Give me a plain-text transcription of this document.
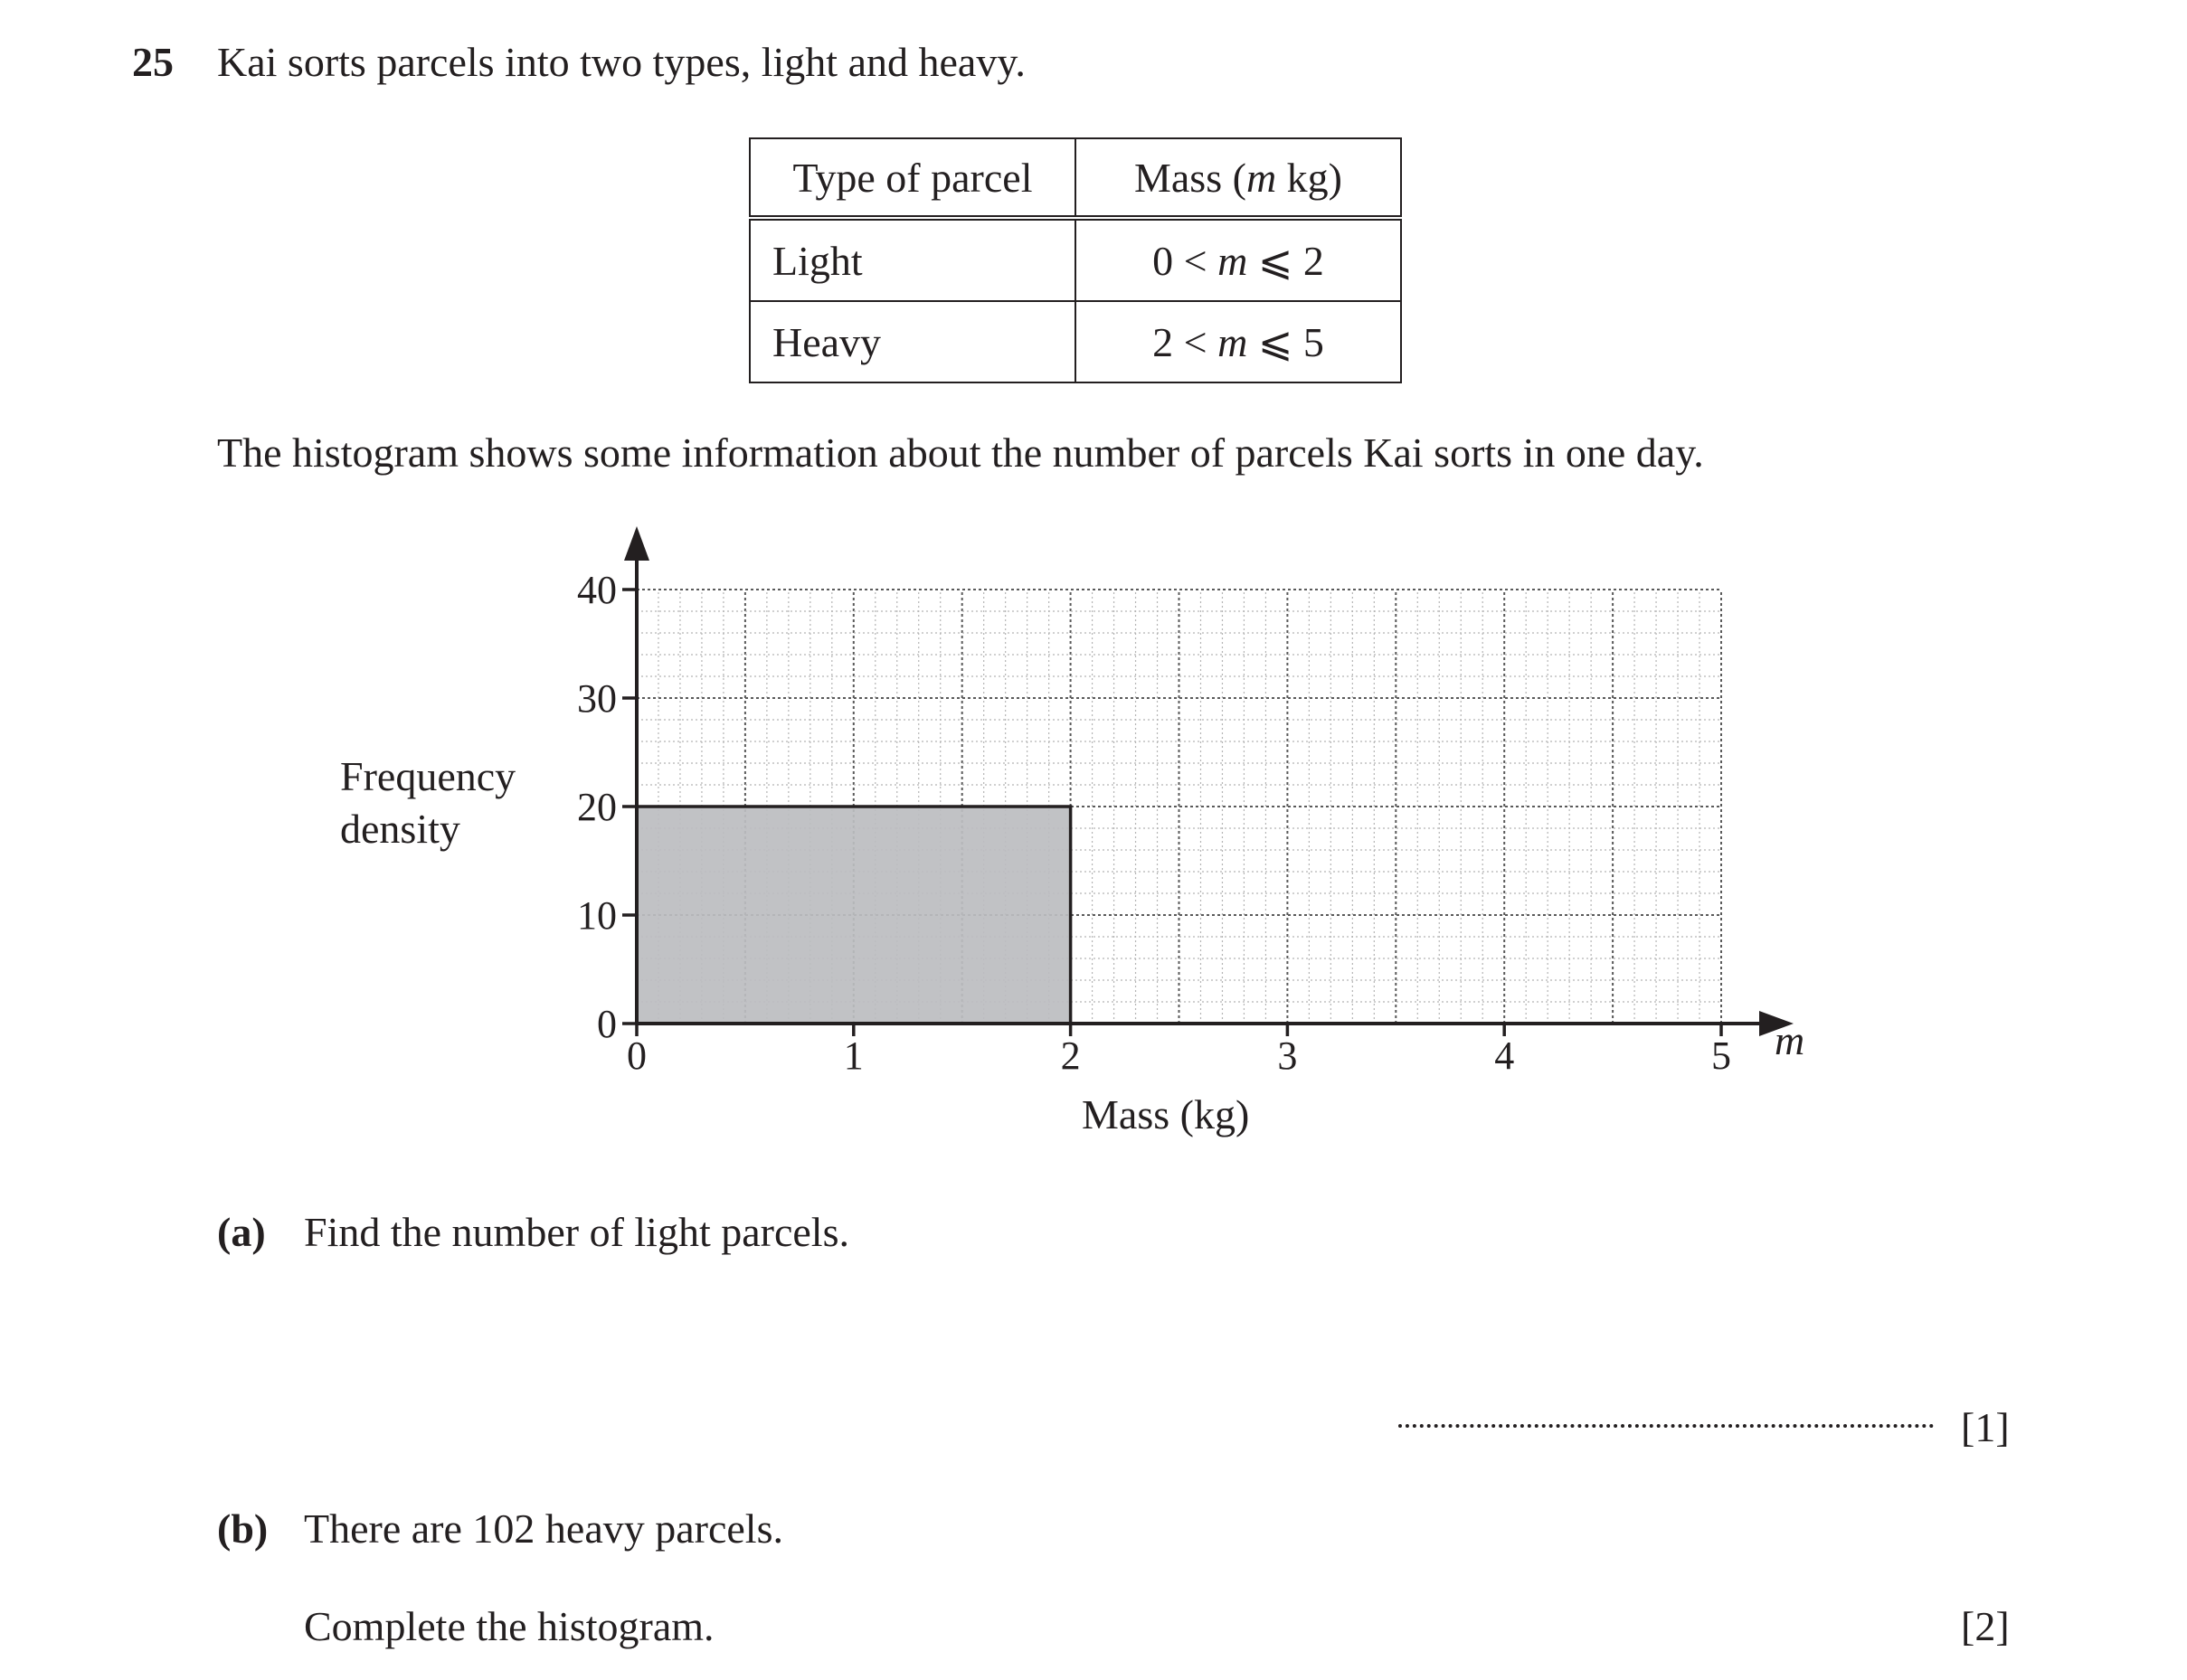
25 Kai sorts parcels into two types, light and heavy.
Type of parcel	Mass (m kg)
Light	0 < m ⩽ 2
Heavy	2 < m ⩽ 5
The histogram shows some information about the number of parcels Kai sorts in one day.
0
10
20
30
40
0	1	2	3	4	5
Frequency
density
Mass (kg)
m
(a) Find the number of light parcels.
[1]
(b) There are 102 heavy parcels.
Complete the histogram.	[2]
